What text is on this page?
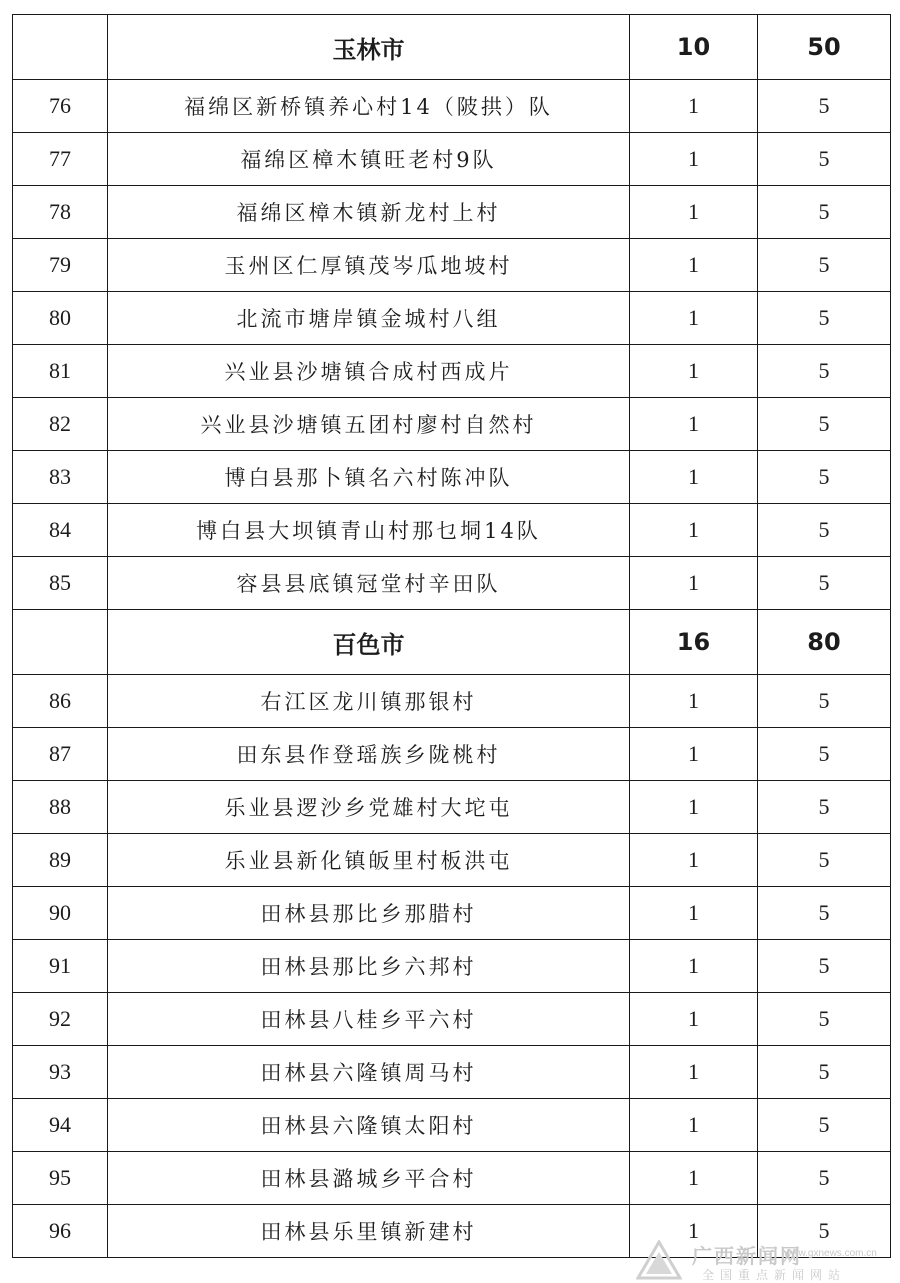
	玉林市	10	50
76	福绵区新桥镇养心村14（陂拱）队	1	5
77	福绵区樟木镇旺老村9队	1	5
78	福绵区樟木镇新龙村上村	1	5
79	玉州区仁厚镇茂岑瓜地坡村	1	5
80	北流市塘岸镇金城村八组	1	5
81	兴业县沙塘镇合成村西成片	1	5
82	兴业县沙塘镇五团村廖村自然村	1	5
83	博白县那卜镇名六村陈冲队	1	5
84	博白县大坝镇青山村那乜垌14队	1	5
85	容县县底镇冠堂村辛田队	1	5
	百色市	16	80
86	右江区龙川镇那银村	1	5
87	田东县作登瑶族乡陇桃村	1	5
88	乐业县逻沙乡党雄村大坨屯	1	5
89	乐业县新化镇皈里村板洪屯	1	5
90	田林县那比乡那腊村	1	5
91	田林县那比乡六邦村	1	5
92	田林县八桂乡平六村	1	5
93	田林县六隆镇周马村	1	5
94	田林县六隆镇太阳村	1	5
95	田林县潞城乡平合村	1	5
96	田林县乐里镇新建村	1	5
广西新闻网
www.gxnews.com.cn
全国重点新闻网站
